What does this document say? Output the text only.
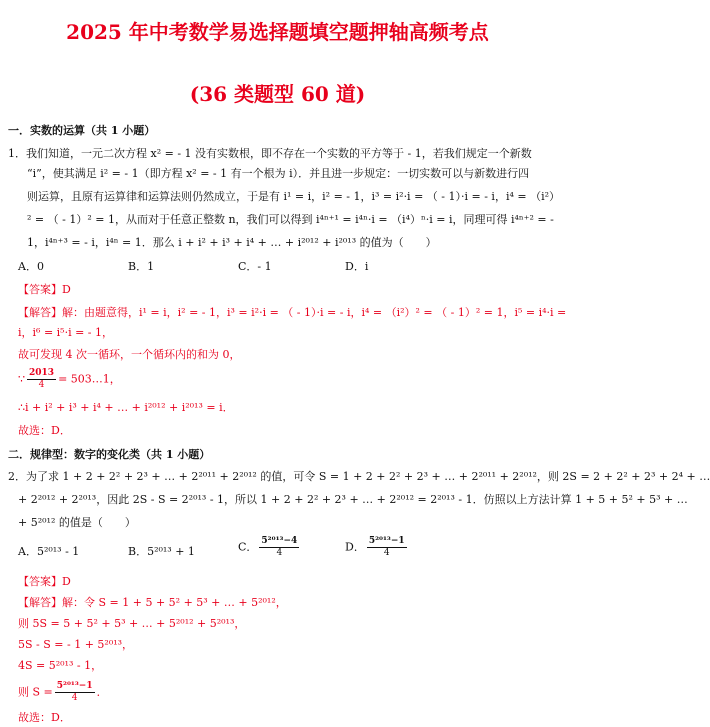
2025 年中考数学易选择题填空题押轴高频考点
(36 类题型 60 道)
一．实数的运算（共 1 小题）
1．我们知道，一元二次方程 x² = - 1 没有实数根，即不存在一个实数的平方等于 - 1，若我们规定一个新数
“i”，使其满足 i² = - 1（即方程 x² = - 1 有一个根为 i）．并且进一步规定：一切实数可以与新数进行四
则运算，且原有运算律和运算法则仍然成立，于是有 i¹ = i，i² = - 1，i³ = i²·i = （ - 1）·i = - i，i⁴ = （i²）
² = （ - 1）² = 1，从而对于任意正整数 n，我们可以得到 i⁴ⁿ⁺¹ = i⁴ⁿ·i = （i⁴）ⁿ·i = i，同理可得 i⁴ⁿ⁺² = -
1，i⁴ⁿ⁺³ = - i，i⁴ⁿ = 1．那么 i + i² + i³ + i⁴ + … + i²⁰¹² + i²⁰¹³ 的值为（　　）
A．0	B．1	C．- 1	D．i
【答案】D
【解答】解：由题意得，i¹ = i，i² = - 1，i³ = i²·i = （ - 1）·i = - i，i⁴ = （i²）² = （ - 1）² = 1，i⁵ = i⁴·i =
i，i⁶ = i⁵·i = - 1，
故可发现 4 次一循环，一个循环内的和为 0，
∵ $\frac{2013}{4}$ = 503…1，
∴i + i² + i³ + i⁴ + … + i²⁰¹² + i²⁰¹³ = i．
故选：D．
二．规律型：数字的变化类（共 1 小题）
2．为了求 1 + 2 + 2² + 2³ + … + 2²⁰¹¹ + 2²⁰¹² 的值，可令 S = 1 + 2 + 2² + 2³ + … + 2²⁰¹¹ + 2²⁰¹²，则 2S = 2 + 2² + 2³ + 2⁴ + …
+ 2²⁰¹² + 2²⁰¹³，因此 2S - S = 2²⁰¹³ - 1，所以 1 + 2 + 2² + 2³ + … + 2²⁰¹² = 2²⁰¹³ - 1．仿照以上方法计算 1 + 5 + 5² + 5³ + …
+ 5²⁰¹² 的值是（　　）
A．5²⁰¹³ - 1	B．5²⁰¹³ + 1	C． $\frac{\text{5²⁰¹³−4}}{4}$	D． $\frac{\text{5²⁰¹³−1}}{4}$
【答案】D
【解答】解：令 S = 1 + 5 + 5² + 5³ + … + 5²⁰¹²，
则 5S = 5 + 5² + 5³ + … + 5²⁰¹² + 5²⁰¹³，
5S - S = - 1 + 5²⁰¹³，
4S = 5²⁰¹³ - 1，
则 $S = \frac{\text{5²⁰¹³−1}}{4}$ ．
故选：D．
